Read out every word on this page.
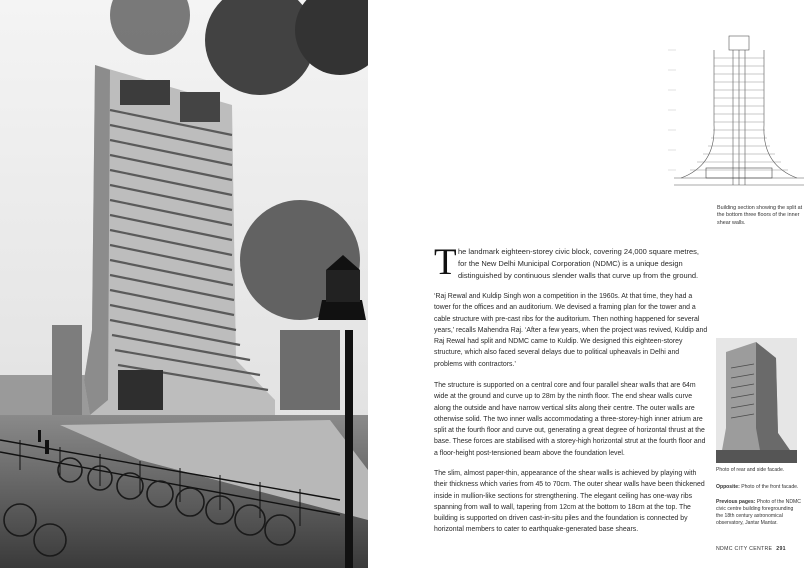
Building section showing the split at the bottom three floors of the inner shear walls.
T he landmark eighteen-storey civic block, covering 24,000 square metres, for the New Delhi Municipal Corporation (NDMC) is a unique design distinguished by continuous slender walls that curve up from the ground.

‘Raj Rewal and Kuldip Singh won a competition in the 1960s. At that time, they had a tower for the offices and an auditorium. We devised a framing plan for the tower and a cable structure with pre-cast ribs for the auditorium. Then nothing happened for several years,’ recalls Mahendra Raj. ‘After a few years, when the project was revived, Kuldip and Raj Rewal had split and NDMC came to Kuldip. We designed this eighteen-storey structure, which also faced several delays due to political upheavals in Delhi and problems with contractors.’

The structure is supported on a central core and four parallel shear walls that are 64m wide at the ground and curve up to 28m by the ninth floor. The end shear walls curve along the outside and have narrow vertical slits along their centre. The outer walls are otherwise solid. The two inner walls accommodating a three-storey-high inner atrium are split at the fourth floor and curve out, generating a great degree of horizontal thrust at the base. These forces are stabilised with a storey-high horizontal strut at the fourth floor and a floor-height post-tensioned beam above the foundation level.

The slim, almost paper-thin, appearance of the shear walls is achieved by playing with their thickness which varies from 45 to 70cm. The outer shear walls have been thickened inside in mullion-like sections for strengthening. The elegant ceiling has one-way ribs spanning from wall to wall, tapering from 12cm at the bottom to 18cm at the top. The building is supported on driven cast-in-situ piles and the foundation is connected by horizontal members to cater to earthquake-generated base shears.

Photo of rear and side facade.

Opposite: Photo of the front facade.

Previous pages: Photo of the NDMC civic centre building foregrounding the 18th century astronomical observatory, Jantar Mantar.

NDMC CITY CENTRE 291
